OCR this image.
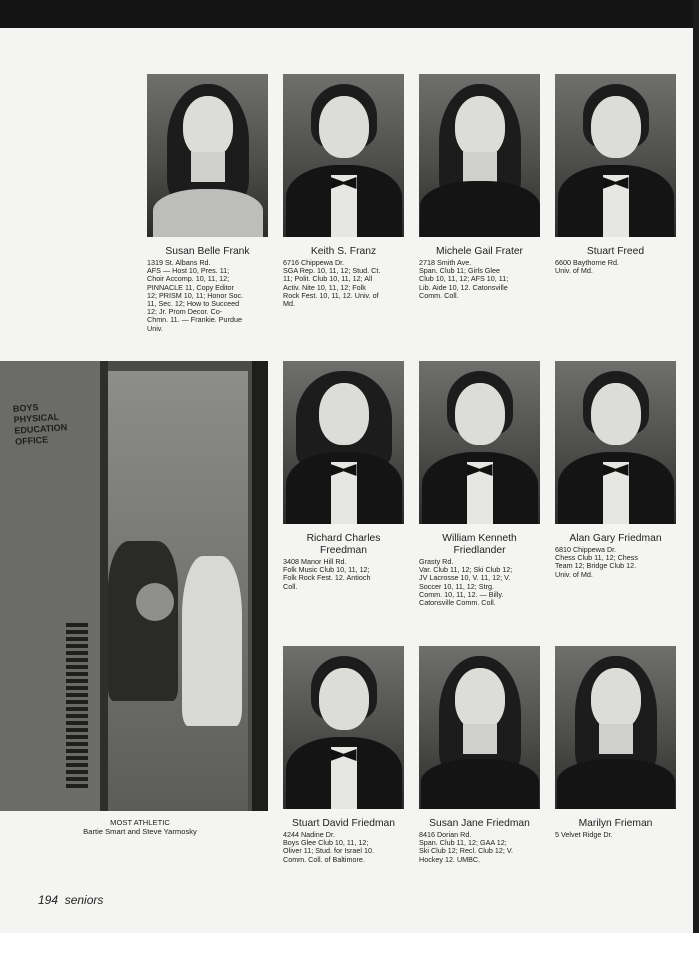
Susan Belle Frank
1319 St. Albans Rd.
AFS — Host 10, Pres. 11;
Choir Accomp. 10, 11, 12;
PINNACLE 11, Copy Editor
12; PRISM 10, 11; Honor Soc.
11, Sec. 12; How to Succeed
12; Jr. Prom Decor. Co-
Chmn. 11. — Frankie. Purdue
Univ.
Keith S. Franz
6716 Chippewa Dr.
SGA Rep. 10, 11, 12; Stud. Ct.
11; Polit. Club 10, 11, 12; All
Activ. Nite 10, 11, 12; Folk
Rock Fest. 10, 11, 12. Univ. of
Md.
Michele Gail Frater
2718 Smith Ave.
Span. Club 11; Girls Glee
Club 10, 11, 12; AFS 10, 11;
Lib. Aide 10, 12. Catonsville
Comm. Coll.
Stuart Freed
6600 Baythorne Rd.
Univ. of Md.
BOYS
PHYSICAL EDUCATION
OFFICE
MOST ATHLETIC
Bartie Smart and Steve Yarmosky
Richard Charles Freedman
3408 Manor Hill Rd.
Folk Music Club 10, 11, 12;
Folk Rock Fest. 12. Antioch
Coll.
William Kenneth Friedlander
Grasty Rd.
Var. Club 11, 12; Ski Club 12;
JV Lacrosse 10, V. 11, 12; V.
Soccer 10, 11, 12; Strg.
Comm. 10, 11, 12. — Billy.
Catonsville Comm. Coll.
Alan Gary Friedman
6810 Chippewa Dr.
Chess Club 11, 12; Chess
Team 12; Bridge Club 12.
Univ. of Md.
Stuart David Friedman
4244 Nadine Dr.
Boys Glee Club 10, 11, 12;
Oliver 11; Stud. for Israel 10.
Comm. Coll. of Baltimore.
Susan Jane Friedman
8416 Dorian Rd.
Span. Club 11, 12; GAA 12;
Ski Club 12; Recl. Club 12; V.
Hockey 12. UMBC.
Marilyn Frieman
5 Velvet Ridge Dr.
194 seniors
